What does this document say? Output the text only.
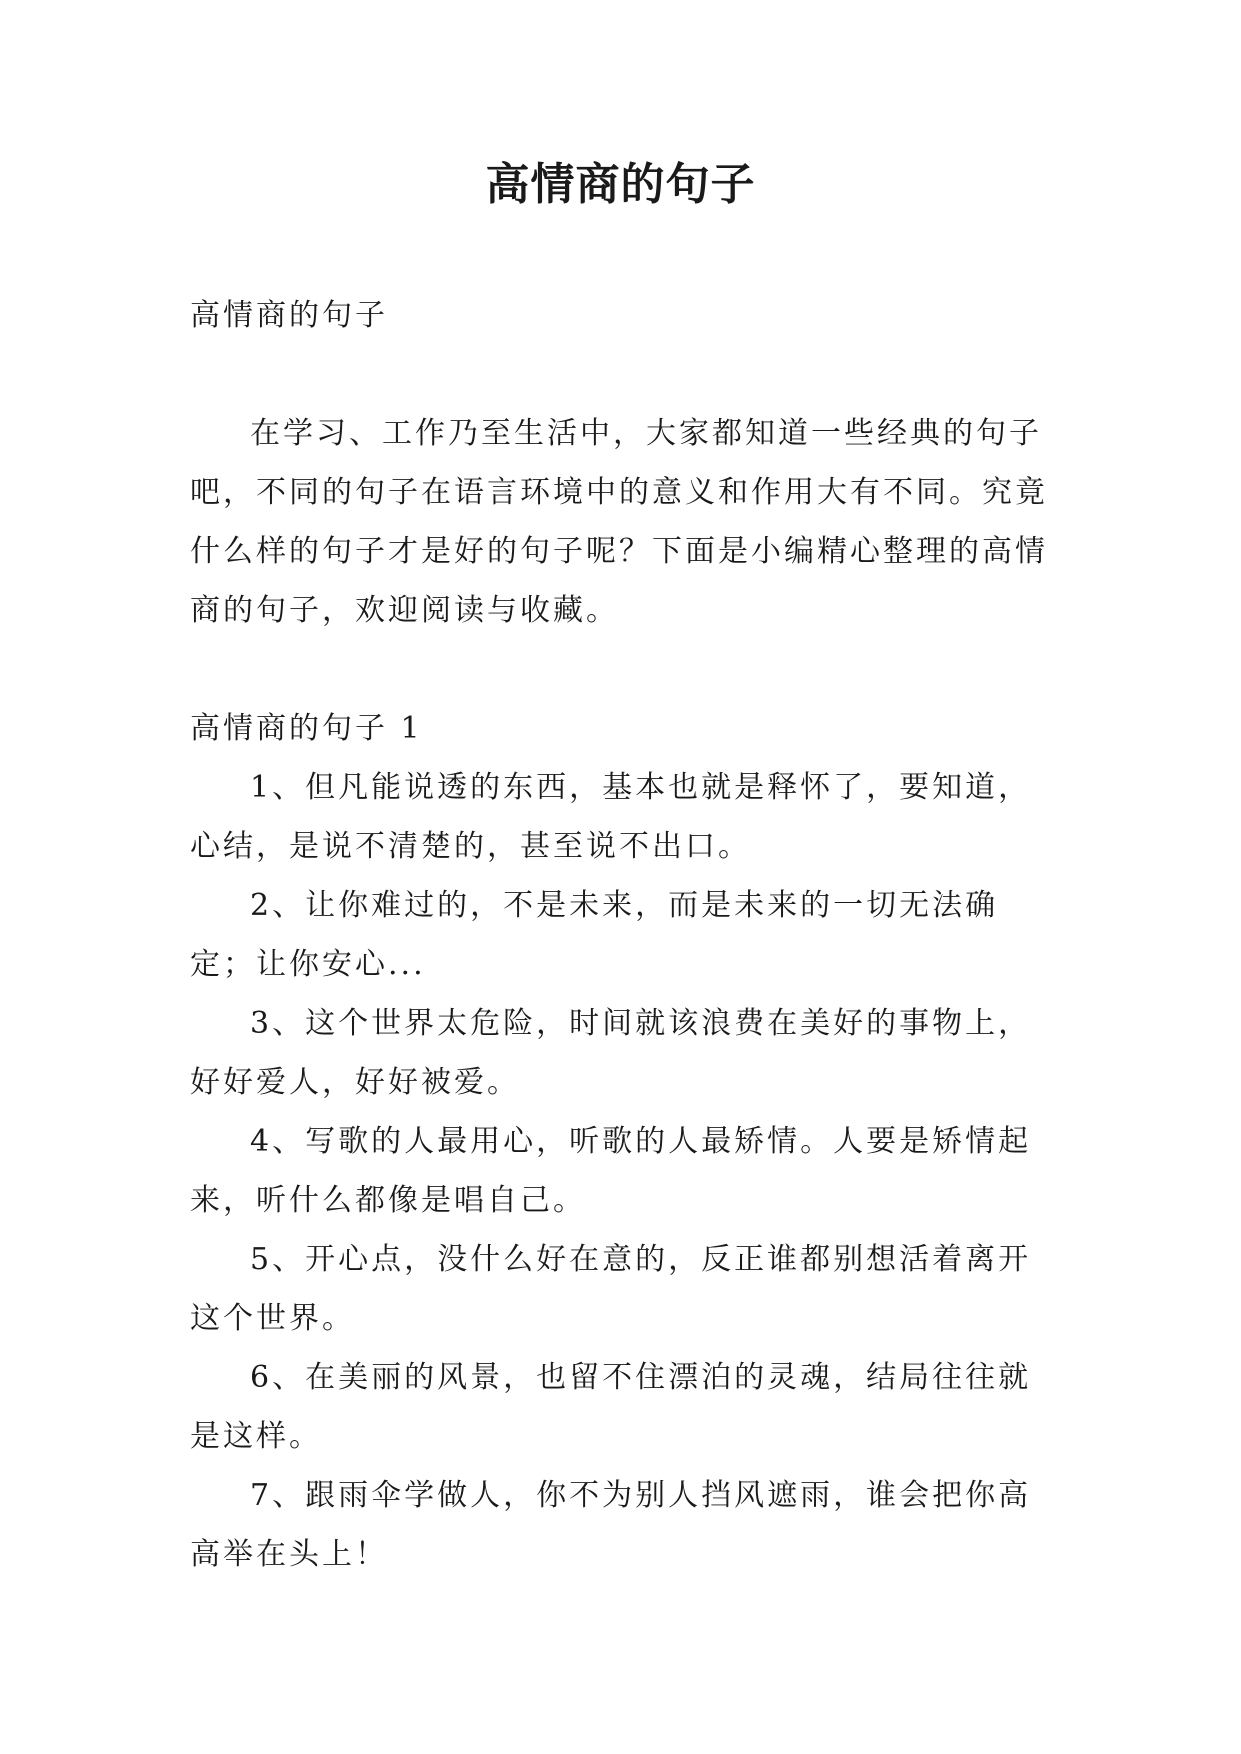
高情商的句子

高情商的句子

在学习、工作乃至生活中，大家都知道一些经典的句子吧，不同的句子在语言环境中的意义和作用大有不同。究竟什么样的句子才是好的句子呢？下面是小编精心整理的高情商的句子，欢迎阅读与收藏。

高情商的句子 1

1、但凡能说透的东西，基本也就是释怀了，要知道，心结，是说不清楚的，甚至说不出口。

2、让你难过的，不是未来，而是未来的一切无法确定；让你安心...

3、这个世界太危险，时间就该浪费在美好的事物上，好好爱人，好好被爱。

4、写歌的人最用心，听歌的人最矫情。人要是矫情起来，听什么都像是唱自己。

5、开心点，没什么好在意的，反正谁都别想活着离开这个世界。

6、在美丽的风景，也留不住漂泊的灵魂，结局往往就是这样。

7、跟雨伞学做人，你不为别人挡风遮雨，谁会把你高高举在头上！
